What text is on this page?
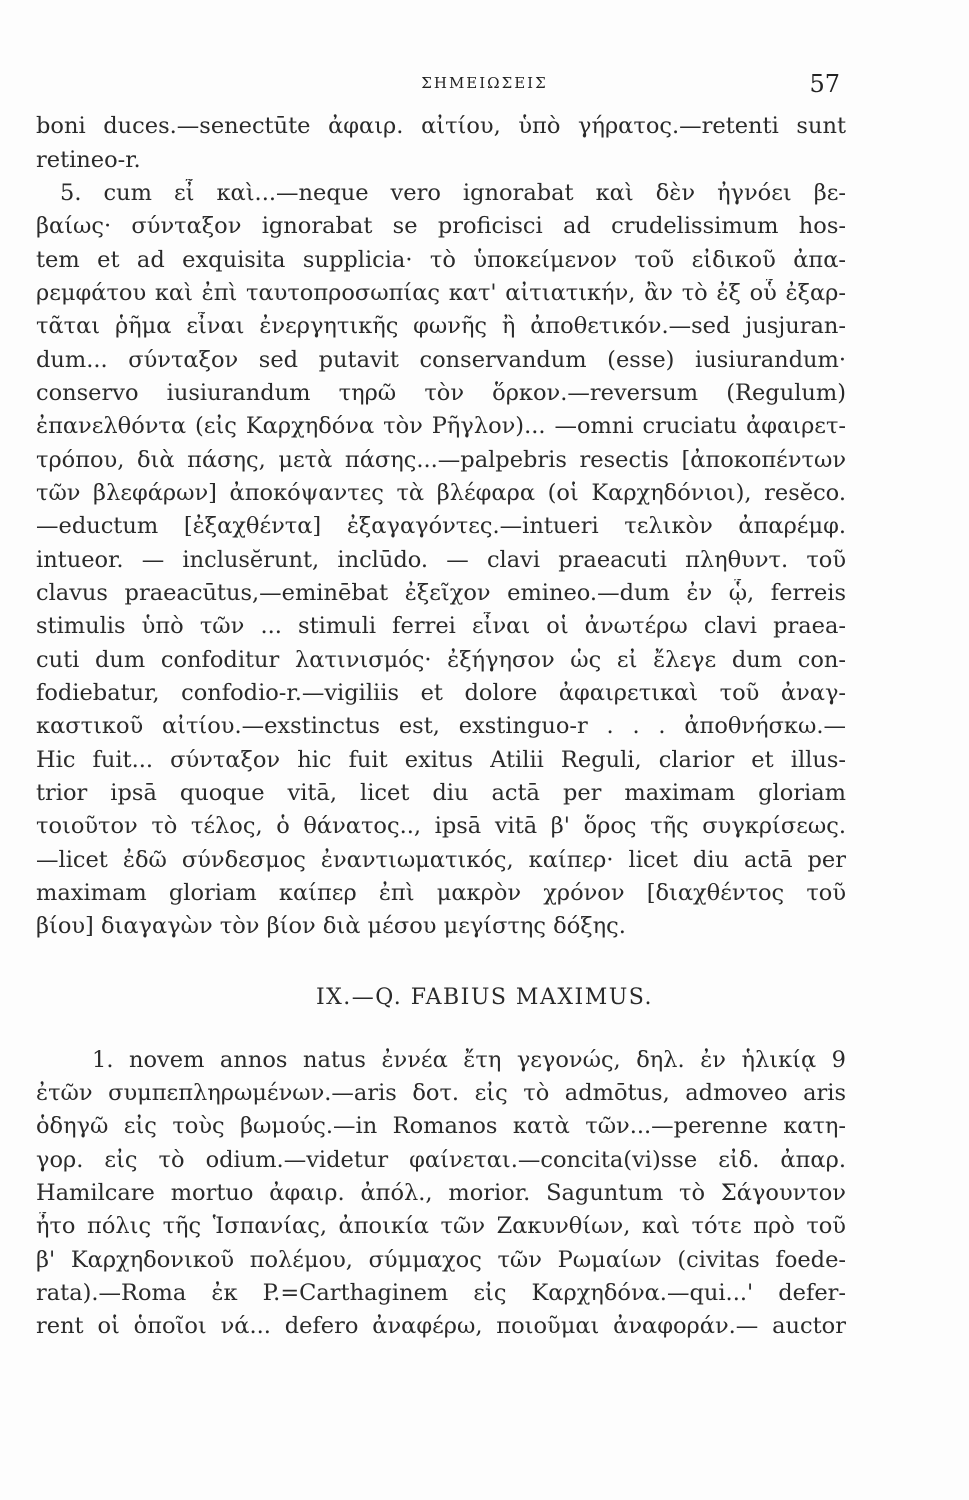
ΣΗΜΕΙΩΣΕΙΣ	57
boni duces.—senectūte ἀφαιρ. αἰτίου, ὑπὸ γήρατος.—retenti sunt
retineo-r.
5. cum εἶ καὶ...—neque vero ignorabat καὶ δὲν ἠγνόει βε-
βαίως· σύνταξον ignorabat se proficisci ad crudelissimum hos-
tem et ad exquisita supplicia· τὸ ὑποκείμενον τοῦ εἰδικοῦ ἀπα-
ρεμφάτου καὶ ἐπὶ ταυτοπροσωπίας κατ' αἰτιατικήν, ἂν τὸ ἐξ οὗ ἐξαρ-
τᾶται ῥῆμα εἶναι ἐνεργητικῆς φωνῆς ἢ ἀποθετικόν.—sed jusjuran-
dum... σύνταξον sed putavit conservandum (esse) iusiurandum·
conservo iusiurandum τηρῶ τὸν ὅρκον.—reversum (Regulum)
ἐπανελθόντα (εἰς Καρχηδόνα τὸν Ρῆγλον)... —omni cruciatu ἀφαιρετ-
τρόπου, διὰ πάσης, μετὰ πάσης...—palpebris resectis [ἀποκοπέντων
τῶν βλεφάρων] ἀποκόψαντες τὰ βλέφαρα (οἱ Καρχηδόνιοι), resĕco.
—eductum [ἐξαχθέντα] ἐξαγαγόντες.—intueri τελικὸν ἀπαρέμφ.
intueor. — inclusĕrunt, inclūdo. — clavi praeacuti πληθυντ. τοῦ
clavus praeacūtus,—eminēbat ἐξεῖχον emineo.—dum ἐν ᾧ, ferreis
stimulis ὑπὸ τῶν ... stimuli ferrei εἶναι οἱ ἀνωτέρω clavi praea-
cuti dum confoditur λατινισμός· ἐξήγησον ὡς εἰ ἔλεγε dum con-
fodiebatur, confodio-r.—vigiliis et dolore ἀφαιρετικαὶ τοῦ ἀναγ-
καστικοῦ αἰτίου.—exstinctus est, exstinguo-r . . . ἀποθνήσκω.—
Hic fuit... σύνταξον hic fuit exitus Atilii Reguli, clarior et illus-
trior ipsā quoque vitā, licet diu actā per maximam gloriam
τοιοῦτον τὸ τέλος, ὁ θάνατος.., ipsā vitā β' ὅρος τῆς συγκρίσεως.
—licet ἐδῶ σύνδεσμος ἐναντιωματικός, καίπερ· licet diu actā per
maximam gloriam καίπερ ἐπὶ μακρὸν χρόνον [διαχθέντος τοῦ
βίου] διαγαγὼν τὸν βίον διὰ μέσου μεγίστης δόξης.
IX.—Q. FABIUS MAXIMUS.
1. novem annos natus ἐννέα ἔτη γεγονώς, δηλ. ἐν ἡλικίᾳ 9
ἐτῶν συμπεπληρωμένων.—aris δοτ. εἰς τὸ admōtus, admoveo aris
ὁδηγῶ εἰς τοὺς βωμούς.—in Romanos κατὰ τῶν...—perenne κατη-
γορ. εἰς τὸ odium.—videtur φαίνεται.—concita(vi)sse εἰδ. ἀπαρ.
Hamilcare mortuo ἀφαιρ. ἀπόλ., morior. Saguntum τὸ Σάγουντον
ἦτο πόλις τῆς Ἱσπανίας, ἀποικία τῶν Ζακυνθίων, καὶ τότε πρὸ τοῦ
β' Καρχηδονικοῦ πολέμου, σύμμαχος τῶν Ρωμαίων (civitas foede-
rata).—Roma ἐκ P.=Carthaginem εἰς Καρχηδόνα.—qui...' defer-
rent οἱ ὁποῖοι νά... defero ἀναφέρω, ποιοῦμαι ἀναφοράν.— auctor
